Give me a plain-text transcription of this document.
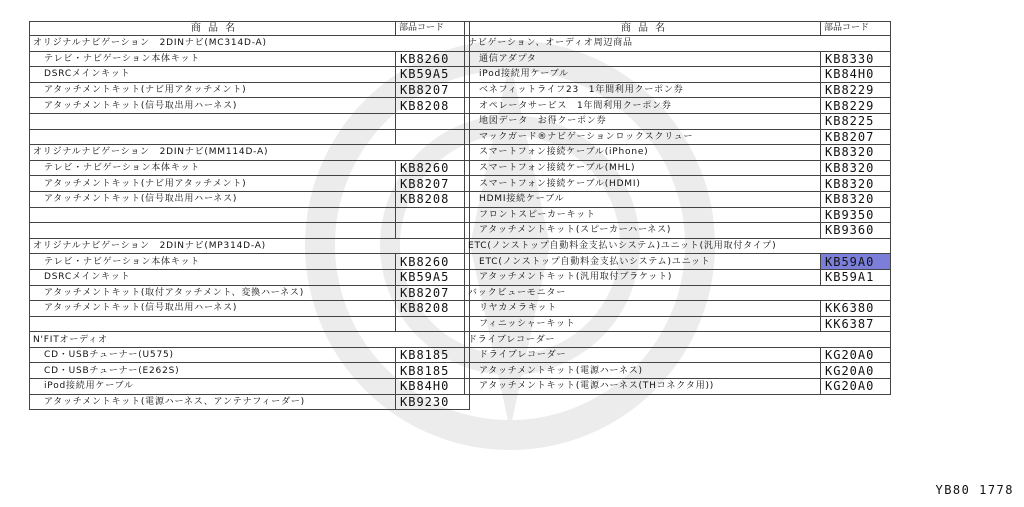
商 品 名	部品コード
オリジナルナビゲーション　2DINナビ(MC314D-A)	
テレビ・ナビゲーション本体キット	KB8260
DSRCメインキット	KB59A5
アタッチメントキット(ナビ用アタッチメント)	KB8207
アタッチメントキット(信号取出用ハーネス)	KB8208

オリジナルナビゲーション　2DINナビ(MM114D-A)	
テレビ・ナビゲーション本体キット	KB8260
アタッチメントキット(ナビ用アタッチメント)	KB8207
アタッチメントキット(信号取出用ハーネス)	KB8208

オリジナルナビゲーション　2DINナビ(MP314D-A)	
テレビ・ナビゲーション本体キット	KB8260
DSRCメインキット	KB59A5
アタッチメントキット(取付アタッチメント、変換ハーネス)	KB8207
アタッチメントキット(信号取出用ハーネス)	KB8208

N'FITオーディオ	
CD・USBチューナー(U575)	KB8185
CD・USBチューナー(E262S)	KB8185
iPod接続用ケーブル	KB84H0
アタッチメントキット(電源ハーネス、アンテナフィーダー)	KB9230
商 品 名	部品コード
ナビゲーション、オーディオ周辺商品	
通信アダプタ	KB8330
iPod接続用ケーブル	KB84H0
ベネフィットライフ23　1年間利用クーポン券	KB8229
オペレータサービス　1年間利用クーポン券	KB8229
地図データ　お得クーポン券	KB8225
マックガード®ナビゲーションロックスクリュー	KB8207
スマートフォン接続ケーブル(iPhone)	KB8320
スマートフォン接続ケーブル(MHL)	KB8320
スマートフォン接続ケーブル(HDMI)	KB8320
HDMI接続ケーブル	KB8320
フロントスピーカーキット	KB9350
アタッチメントキット(スピーカーハーネス)	KB9360
ETC(ノンストップ自動料金支払いシステム)ユニット(汎用取付タイプ)	
ETC(ノンストップ自動料金支払いシステム)ユニット	KB59A0
アタッチメントキット(汎用取付ブラケット)	KB59A1
バックビューモニター	
リヤカメラキット	KK6380
フィニッシャーキット	KK6387
ドライブレコーダー	
ドライブレコーダー	KG20A0
アタッチメントキット(電源ハーネス)	KG20A0
アタッチメントキット(電源ハーネス(THコネクタ用))	KG20A0
YB80 1778
